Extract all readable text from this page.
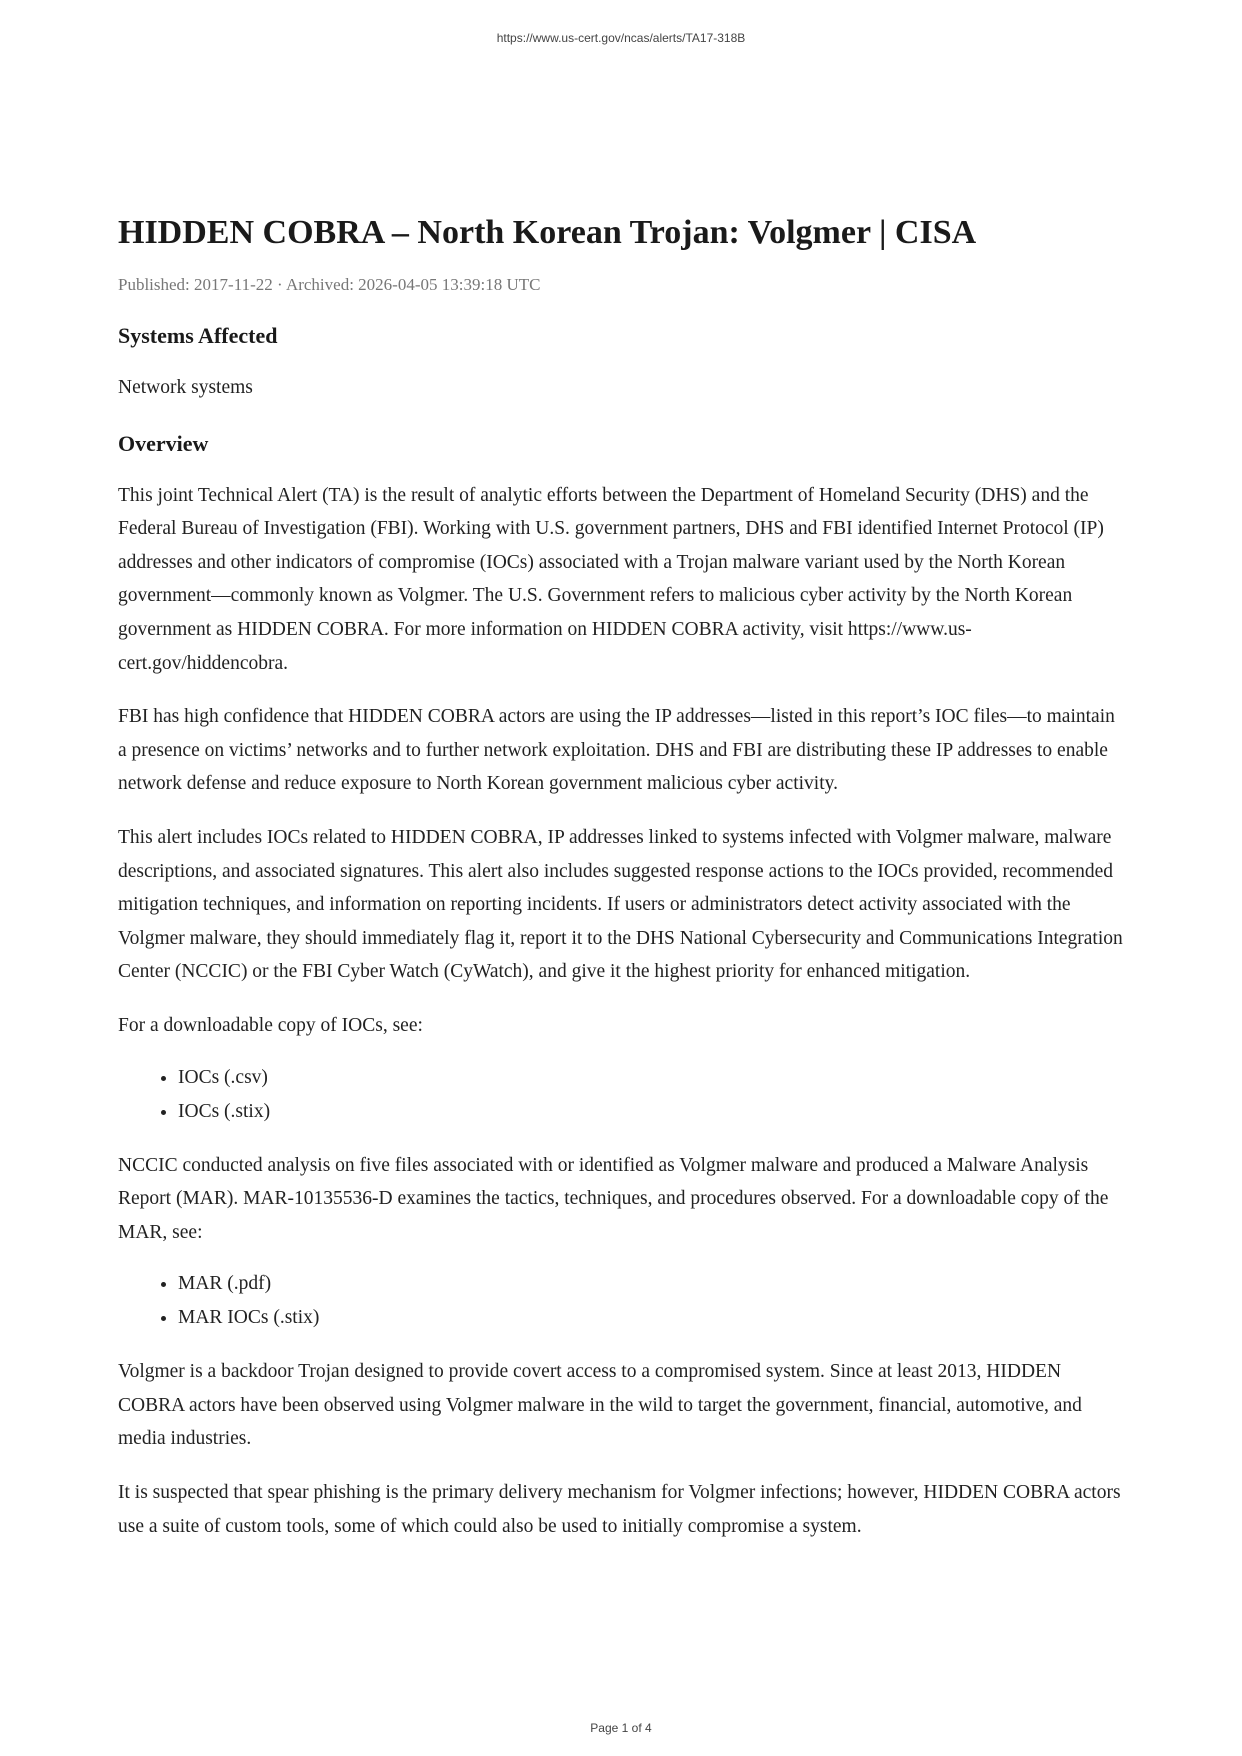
https://www.us-cert.gov/ncas/alerts/TA17-318B
HIDDEN COBRA – North Korean Trojan: Volgmer | CISA
Published: 2017-11-22 · Archived: 2026-04-05 13:39:18 UTC
Systems Affected

Network systems

Overview

This joint Technical Alert (TA) is the result of analytic efforts between the Department of Homeland Security (DHS) and the Federal Bureau of Investigation (FBI). Working with U.S. government partners, DHS and FBI identified Internet Protocol (IP) addresses and other indicators of compromise (IOCs) associated with a Trojan malware variant used by the North Korean government—commonly known as Volgmer. The U.S. Government refers to malicious cyber activity by the North Korean government as HIDDEN COBRA. For more information on HIDDEN COBRA activity, visit https://www.us-cert.gov/hiddencobra.

FBI has high confidence that HIDDEN COBRA actors are using the IP addresses—listed in this report’s IOC files—to maintain a presence on victims’ networks and to further network exploitation. DHS and FBI are distributing these IP addresses to enable network defense and reduce exposure to North Korean government malicious cyber activity.

This alert includes IOCs related to HIDDEN COBRA, IP addresses linked to systems infected with Volgmer malware, malware descriptions, and associated signatures. This alert also includes suggested response actions to the IOCs provided, recommended mitigation techniques, and information on reporting incidents. If users or administrators detect activity associated with the Volgmer malware, they should immediately flag it, report it to the DHS National Cybersecurity and Communications Integration Center (NCCIC) or the FBI Cyber Watch (CyWatch), and give it the highest priority for enhanced mitigation.

For a downloadable copy of IOCs, see:

• IOCs (.csv)
• IOCs (.stix)

NCCIC conducted analysis on five files associated with or identified as Volgmer malware and produced a Malware Analysis Report (MAR). MAR-10135536-D examines the tactics, techniques, and procedures observed. For a downloadable copy of the MAR, see:

• MAR (.pdf)
• MAR IOCs (.stix)

Volgmer is a backdoor Trojan designed to provide covert access to a compromised system. Since at least 2013, HIDDEN COBRA actors have been observed using Volgmer malware in the wild to target the government, financial, automotive, and media industries.

It is suspected that spear phishing is the primary delivery mechanism for Volgmer infections; however, HIDDEN COBRA actors use a suite of custom tools, some of which could also be used to initially compromise a system.

Page 1 of 4
